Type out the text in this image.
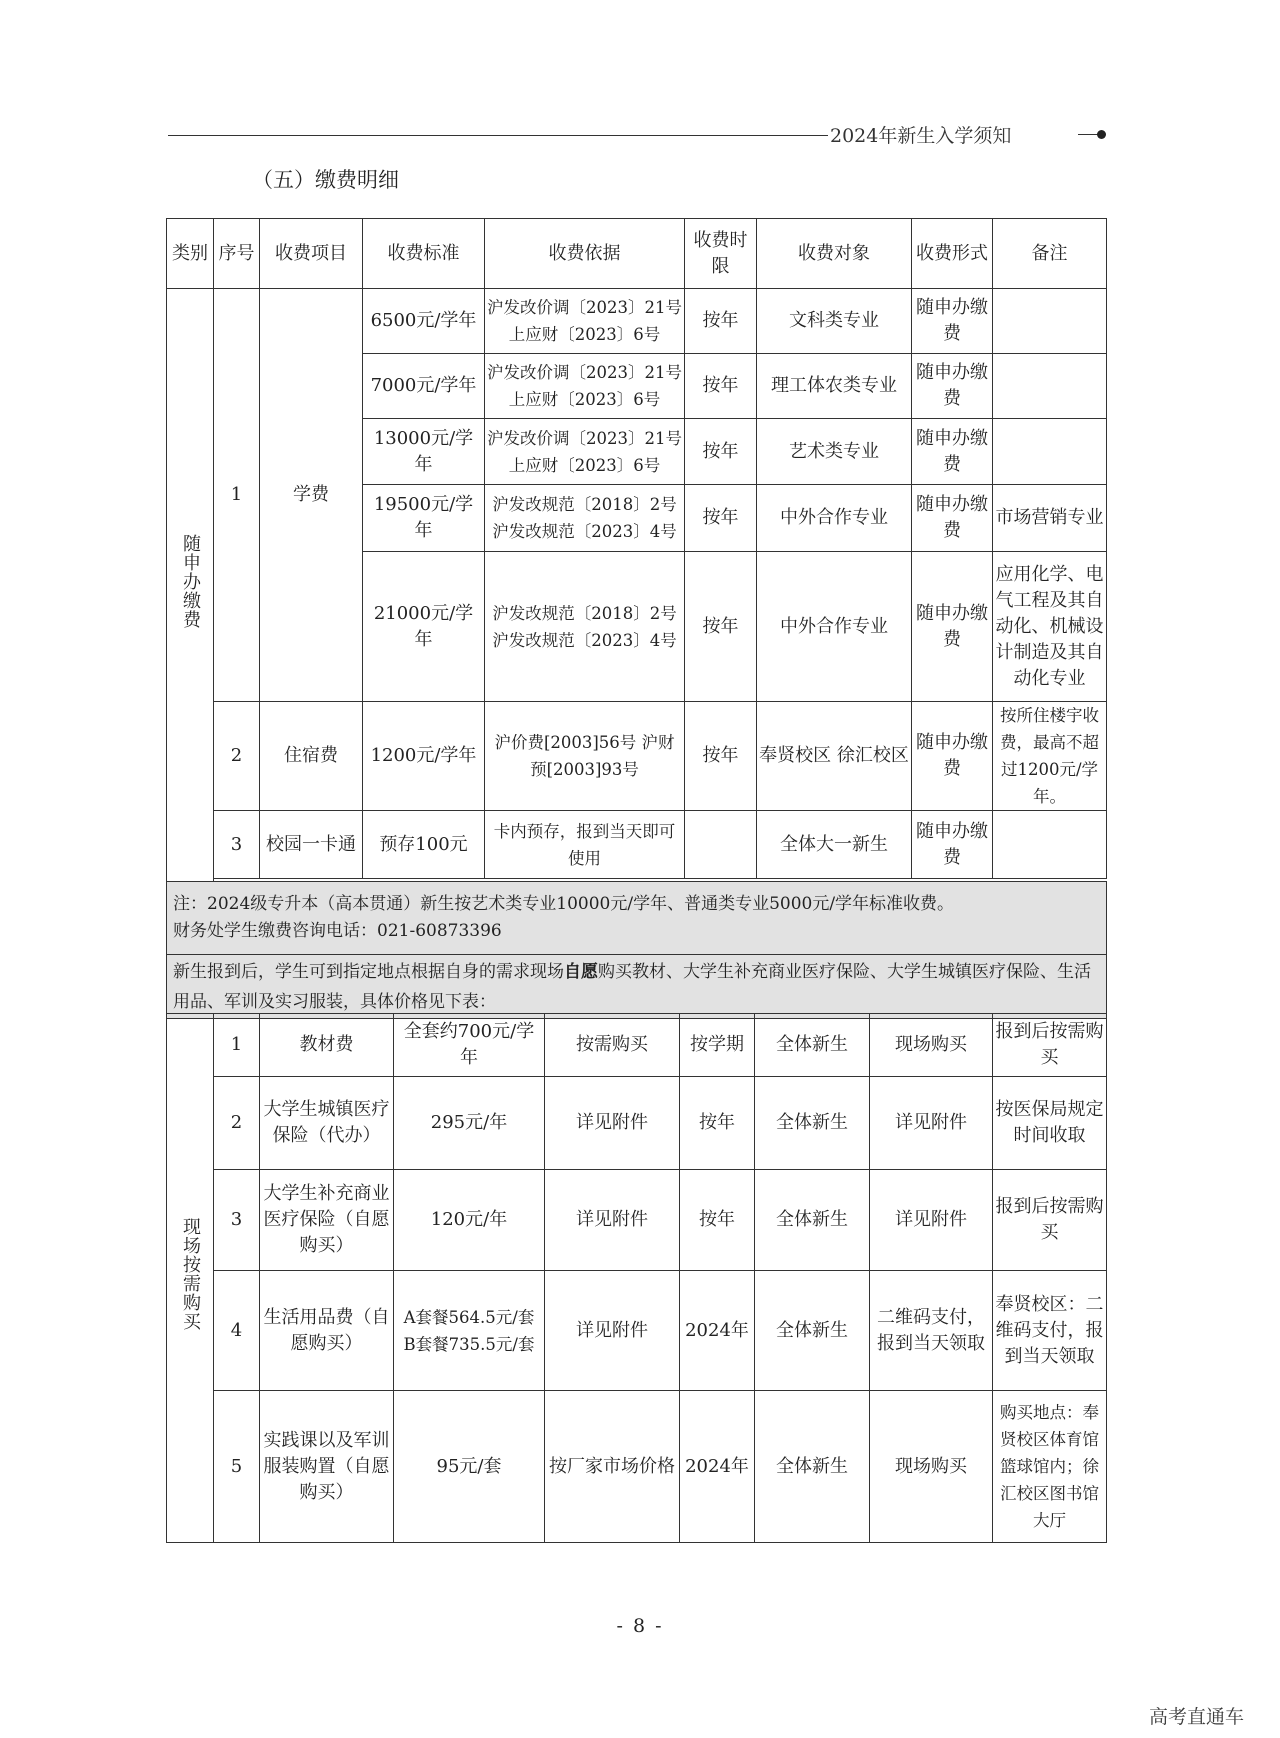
2024年新生入学须知
（五）缴费明细
类别	序号	收费项目	收费标准	收费依据	收费时限	收费对象	收费形式	备注
随申办缴费	1	学费	6500元/学年	沪发改价调〔2023〕21号 上应财〔2023〕6号	按年	文科类专业	随申办缴费	
			7000元/学年	沪发改价调〔2023〕21号 上应财〔2023〕6号	按年	理工体农类专业	随申办缴费	
			13000元/学年	沪发改价调〔2023〕21号 上应财〔2023〕6号	按年	艺术类专业	随申办缴费	
			19500元/学年	沪发改规范〔2018〕2号 沪发改规范〔2023〕4号	按年	中外合作专业	随申办缴费	市场营销专业
			21000元/学年	沪发改规范〔2018〕2号 沪发改规范〔2023〕4号	按年	中外合作专业	随申办缴费	应用化学、电气工程及其自动化、机械设计制造及其自动化专业
	2	住宿费	1200元/学年	沪价费[2003]56号 沪财预[2003]93号	按年	奉贤校区 徐汇校区	随申办缴费	按所住楼宇收费，最高不超过1200元/学年。
	3	校园一卡通	预存100元	卡内预存，报到当天即可使用		全体大一新生	随申办缴费	

注：2024级专升本（高本贯通）新生按艺术类专业10000元/学年、普通类专业5000元/学年标准收费。
财务处学生缴费咨询电话：021-60873396								

新生报到后，学生可到指定地点根据自身的需求现场自愿购买教材、大学生补充商业医疗保险、大学生城镇医疗保险、生活用品、军训及实习服装，具体价格见下表：								
现场按需购买	1	教材费	全套约700元/学年	按需购买	按学期	全体新生	现场购买	报到后按需购买
	2	大学生城镇医疗保险（代办）	295元/年	详见附件	按年	全体新生	详见附件	按医保局规定时间收取
	3	大学生补充商业医疗保险（自愿购买）	120元/年	详见附件	按年	全体新生	详见附件	报到后按需购买
	4	生活用品费（自愿购买）	A套餐564.5元/套
B套餐735.5元/套	详见附件	2024年	全体新生	二维码支付，报到当天领取	奉贤校区：二维码支付，报到当天领取
	5	实践课以及军训服装购置（自愿购买）	95元/套	按厂家市场价格	2024年	全体新生	现场购买	购买地点：奉贤校区体育馆篮球馆内；徐汇校区图书馆大厅
- 8 -
高考直通车
